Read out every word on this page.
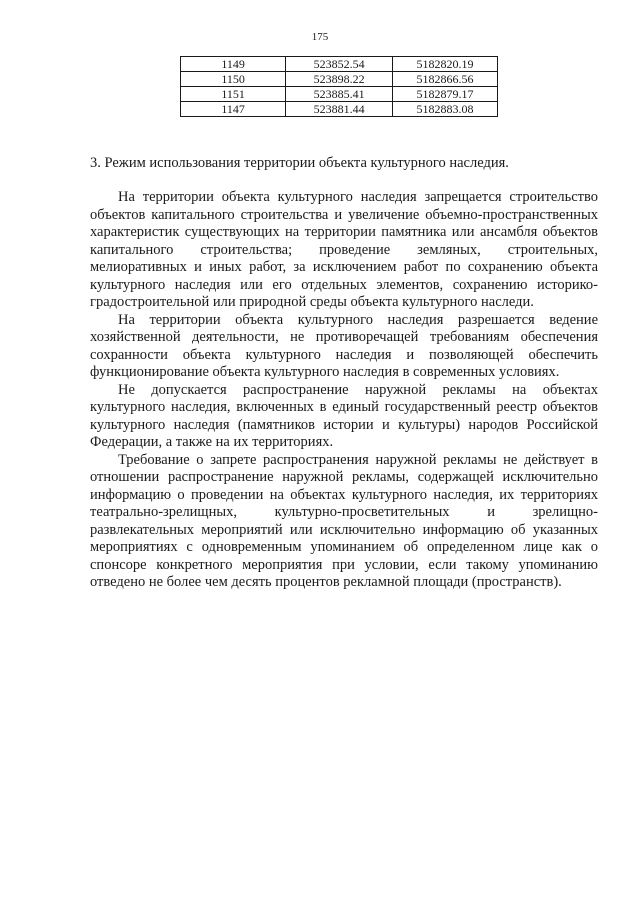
175
1149	523852.54	5182820.19
1150	523898.22	5182866.56
1151	523885.41	5182879.17
1147	523881.44	5182883.08
3. Режим использования территории объекта культурного наследия.

На территории объекта культурного наследия запрещается строительство объектов капитального строительства и увеличение объемно-пространственных характеристик существующих на территории памятника или ансамбля объектов капитального строительства; проведение земляных, строительных, мелиоративных и иных работ, за исключением работ по сохранению объекта культурного наследия или его отдельных элементов, сохранению историко-градостроительной или природной среды объекта культурного наследи.

На территории объекта культурного наследия разрешается ведение хозяйственной деятельности, не противоречащей требованиям обеспечения сохранности объекта культурного наследия и позволяющей обеспечить функционирование объекта культурного наследия в современных условиях.

Не допускается распространение наружной рекламы на объектах культурного наследия, включенных в единый государственный реестр объектов культурного наследия (памятников истории и культуры) народов Российской Федерации, а также на их территориях.

Требование о запрете распространения наружной рекламы не действует в отношении распространение наружной рекламы, содержащей исключительно информацию о проведении на объектах культурного наследия, их территориях театрально-зрелищных, культурно-просветительных и зрелищно-развлекательных мероприятий или исключительно информацию об указанных мероприятиях с одновременным упоминанием об определенном лице как о спонсоре конкретного мероприятия при условии, если такому упоминанию отведено не более чем десять процентов рекламной площади (пространств).
